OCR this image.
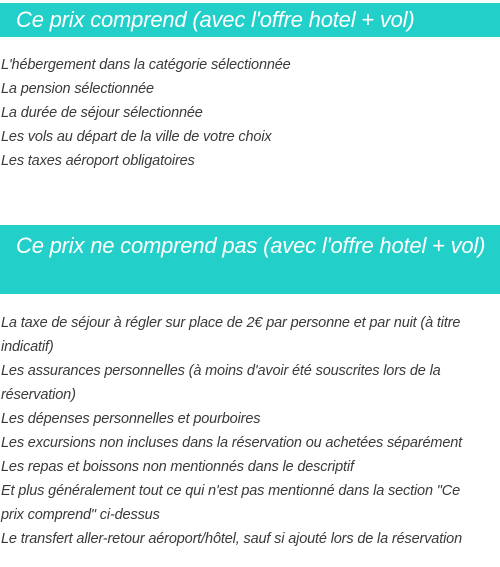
Ce prix comprend (avec l'offre hotel + vol)
L'hébergement dans la catégorie sélectionnée
La pension sélectionnée
La durée de séjour sélectionnée
Les vols au départ de la ville de votre choix
Les taxes aéroport obligatoires
Ce prix ne comprend pas (avec l'offre hotel + vol)
La taxe de séjour à régler sur place de 2€ par personne et par nuit (à titre indicatif)
Les assurances personnelles (à moins d'avoir été souscrites lors de la réservation)
Les dépenses personnelles et pourboires
Les excursions non incluses dans la réservation ou achetées séparément
Les repas et boissons non mentionnés dans le descriptif
Et plus généralement tout ce qui n'est pas mentionné dans la section "Ce prix comprend" ci-dessus
Le transfert aller-retour aéroport/hôtel, sauf si ajouté lors de la réservation
